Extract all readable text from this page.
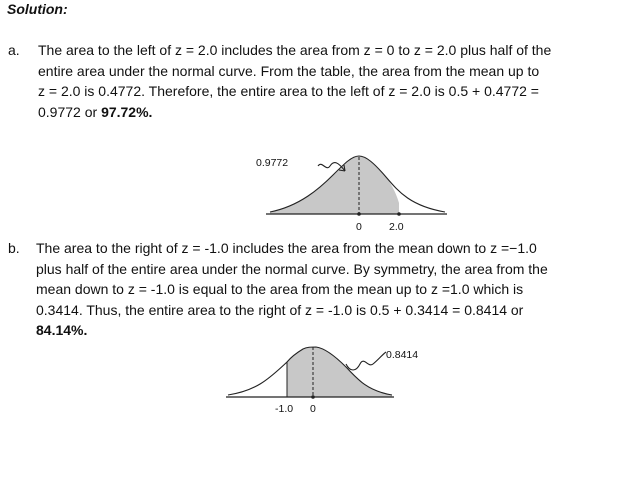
Solution:
a. The area to the left of z = 2.0 includes the area from z = 0 to z = 2.0 plus half of the
entire area under the normal curve. From the table, the area from the mean up to
z = 2.0 is 0.4772. Therefore, the entire area to the left of z = 2.0 is 0.5 + 0.4772 =
0.9772 or 97.72%.
0.9772
0	2.0
b. The area to the right of z = -1.0 includes the area from the mean down to z =−1.0
plus half of the entire area under the normal curve. By symmetry, the area from the
mean down to z = -1.0 is equal to the area from the mean up to z =1.0 which is
0.3414. Thus, the entire area to the right of z = -1.0 is 0.5 + 0.3414 = 0.8414 or
84.14%.
0.8414
-1.0 0
